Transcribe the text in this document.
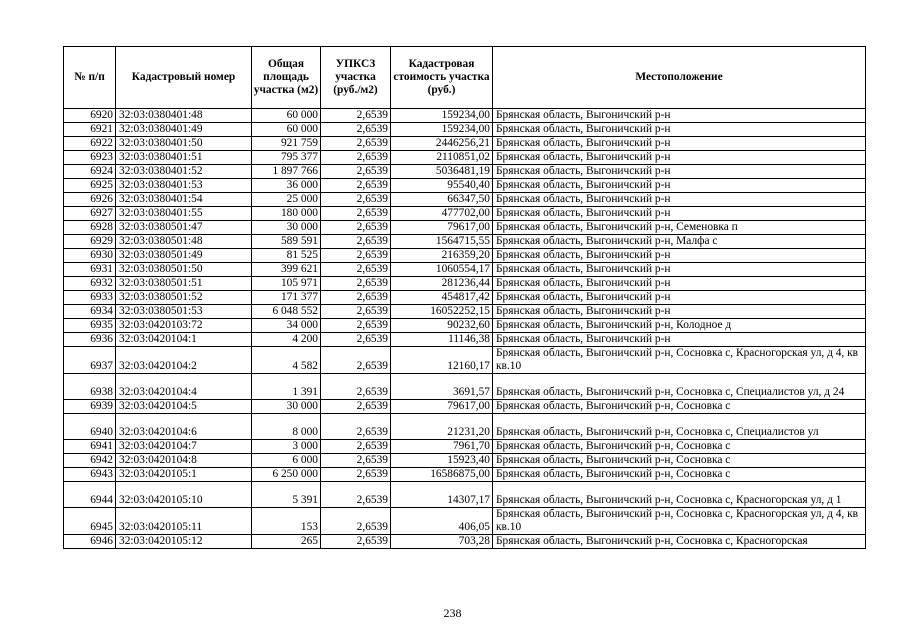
№ п/п	Кадастровый номер	Общая площадь участка (м2)	УПКСЗ участка (руб./м2)	Кадастровая стоимость участка (руб.)	Местоположение
6920	32:03:0380401:48	60 000	2,6539	159234,00	Брянская область, Выгоничский р-н
6921	32:03:0380401:49	60 000	2,6539	159234,00	Брянская область, Выгоничский р-н
6922	32:03:0380401:50	921 759	2,6539	2446256,21	Брянская область, Выгоничский р-н
6923	32:03:0380401:51	795 377	2,6539	2110851,02	Брянская область, Выгоничский р-н
6924	32:03:0380401:52	1 897 766	2,6539	5036481,19	Брянская область, Выгоничский р-н
6925	32:03:0380401:53	36 000	2,6539	95540,40	Брянская область, Выгоничский р-н
6926	32:03:0380401:54	25 000	2,6539	66347,50	Брянская область, Выгоничский р-н
6927	32:03:0380401:55	180 000	2,6539	477702,00	Брянская область, Выгоничский р-н
6928	32:03:0380501:47	30 000	2,6539	79617,00	Брянская область, Выгоничский р-н, Семеновка п
6929	32:03:0380501:48	589 591	2,6539	1564715,55	Брянская область, Выгоничский р-н, Малфа с
6930	32:03:0380501:49	81 525	2,6539	216359,20	Брянская область, Выгоничский р-н
6931	32:03:0380501:50	399 621	2,6539	1060554,17	Брянская область, Выгоничский р-н
6932	32:03:0380501:51	105 971	2,6539	281236,44	Брянская область, Выгоничский р-н
6933	32:03:0380501:52	171 377	2,6539	454817,42	Брянская область, Выгоничский р-н
6934	32:03:0380501:53	6 048 552	2,6539	16052252,15	Брянская область, Выгоничский р-н
6935	32:03:0420103:72	34 000	2,6539	90232,60	Брянская область, Выгоничский р-н, Колодное д
6936	32:03:0420104:1	4 200	2,6539	11146,38	Брянская область, Выгоничский р-н
6937	32:03:0420104:2	4 582	2,6539	12160,17	Брянская область, Выгоничский р-н, Сосновка с, Красногорская ул, д 4, кв кв.10
6938	32:03:0420104:4	1 391	2,6539	3691,57	Брянская область, Выгоничский р-н, Сосновка с, Специалистов ул, д 24
6939	32:03:0420104:5	30 000	2,6539	79617,00	Брянская область, Выгоничский р-н, Сосновка с
6940	32:03:0420104:6	8 000	2,6539	21231,20	Брянская область, Выгоничский р-н, Сосновка с, Специалистов ул
6941	32:03:0420104:7	3 000	2,6539	7961,70	Брянская область, Выгоничский р-н, Сосновка с
6942	32:03:0420104:8	6 000	2,6539	15923,40	Брянская область, Выгоничский р-н, Сосновка с
6943	32:03:0420105:1	6 250 000	2,6539	16586875,00	Брянская область, Выгоничский р-н, Сосновка с
6944	32:03:0420105:10	5 391	2,6539	14307,17	Брянская область, Выгоничский р-н, Сосновка с, Красногорская ул, д 1
6945	32:03:0420105:11	153	2,6539	406,05	Брянская область, Выгоничский р-н, Сосновка с, Красногорская ул, д 4, кв кв.10
6946	32:03:0420105:12	265	2,6539	703,28	Брянская область, Выгоничский р-н, Сосновка с, Красногорская
238
